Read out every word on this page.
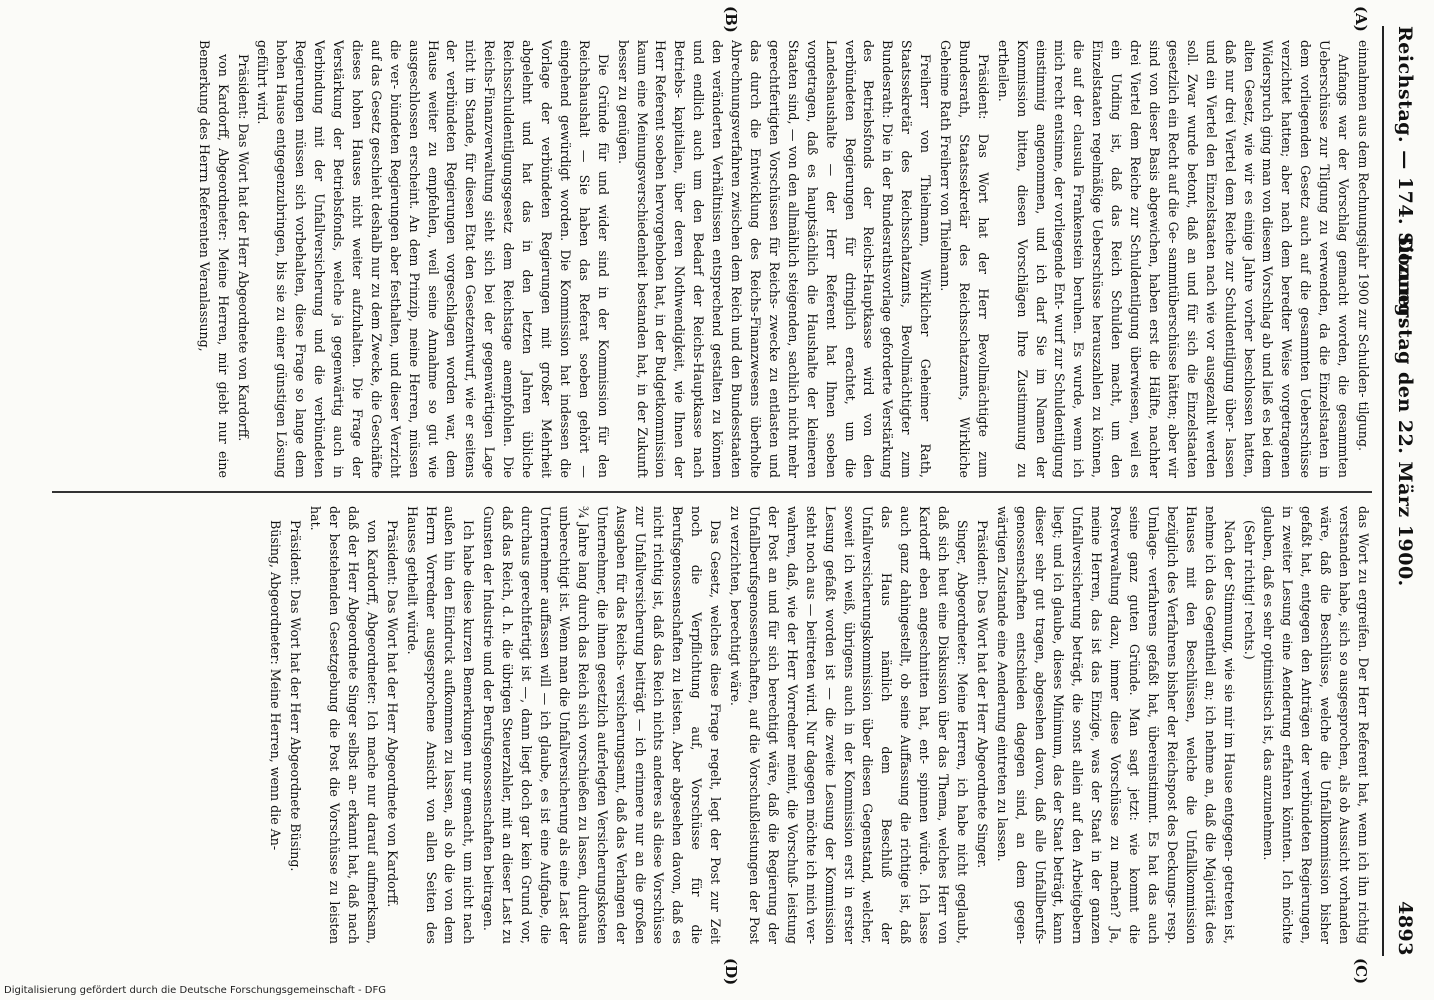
Reichstag. — 174. Sitzung.
Donnerstag den 22. März 1900.
4893
(A)
(B)
(C)
(D)

einnahmen aus dem Rechnungsjahr 1900 zur Schulden- tilgung.

Anfangs war der Vorschlag gemacht worden, die gesammten Ueberschüsse zur Tilgung zu verwenden, da die Einzelstaaten in dem vorliegenden Gesetz auch auf die gesammten Ueberschüsse verzichtet hatten; aber nach dem beredter Weise vorgetragenen Widerspruch ging man von diesem Vorschlag ab und ließ es bei dem alten Gesetz, wie wir es einige Jahre vorher beschlossen hatten, daß nur drei Viertel dem Reiche zur Schuldentilgung über- lassen und ein Viertel den Einzelstaaten nach wie vor ausgezahlt werden soll. Zwar wurde betont, daß an und für sich die Einzelstaaten gesetzlich ein Recht auf die Ge- sammtüberschüsse hätten; aber wir sind von dieser Basis abgewichen, haben erst die Hälfte, nachher drei Viertel dem Reiche zur Schuldentilgung überwiesen, weil es ein Unding ist, daß das Reich Schulden macht, um den Einzelstaaten regelmäßige Ueberschüsse herauszahlen zu können, die auf der clausula Frankenstein beruhen. Es wurde, wenn ich mich recht entsinne, der vorliegende Ent- wurf zur Schuldentilgung einstimmig angenommen, und ich darf Sie im Namen der Kommission bitten, diesen Vorschlägen Ihre Zustimmung zu ertheilen.

Präsident: Das Wort hat der Herr Bevollmächtigte zum Bundesrath, Staatssekretär des Reichsschatzamts, Wirkliche Geheime Rath Freiherr von Thielmann.

Freiherr von Thielmann, Wirklicher Geheimer Rath, Staatssekretär des Reichsschatzamts, Bevollmächtigter zum Bundesrath: Die in der Bundesrathsvorlage geforderte Verstärkung des Betriebsfonds der Reichs-Hauptkasse wird von den verbündeten Regierungen für dringlich erachtet, um die Landeshaushalte — der Herr Referent hat Ihnen soeben vorgetragen, daß es hauptsächlich die Haushalte der kleineren Staaten sind, — von den allmählich steigenden, sachlich nicht mehr gerechtfertigten Vorschüssen für Reichs- zwecke zu entlasten und das durch die Entwicklung des Reichs-Finanzwesens überholte Abrechnungsverfahren zwischen dem Reich und den Bundesstaaten den veränderten Verhältnissen entsprechend gestalten zu können und endlich auch um den Bedarf der Reichs-Hauptkasse nach Betriebs- kapitalien, über deren Nothwendigkeit, wie Ihnen der Herr Referent soeben hervorgehoben hat, in der Budgetkommission kaum eine Meinungsverschiedenheit bestanden hat, in der Zukunft besser zu genügen.

Die Gründe für und wider sind in der Kommission für den Reichshaushalt — Sie haben das Referat soeben gehört — eingehend gewürdigt worden. Die Kommission hat indessen die Vorlage der verbündeten Regierungen mit großer Mehrheit abgelehnt und hat das in den letzten Jahren übliche Reichsschuldentilgungsgesetz dem Reichstage anempfohlen. Die Reichs-Finanzverwaltung sieht sich bei der gegenwärtigen Lage nicht im Stande, für diesen Etat den Gesetzentwurf, wie er seitens der verbündeten Regierungen vorgeschlagen worden war, dem Hause weiter zu empfehlen, weil seine Annahme so gut wie ausgeschlossen erscheint. An dem Prinzip, meine Herren, müssen die ver- bündeten Regierungen aber festhalten, und dieser Verzicht auf das Gesetz geschieht deshalb nur zu dem Zwecke, die Geschäfte dieses hohen Hauses nicht weiter aufzuhalten. Die Frage der Verstärkung der Betriebsfonds, welche ja gegenwärtig auch in Verbindung mit der Unfallversicherung und die verbündeten Regierungen müssen sich vorbehalten, diese Frage so lange dem hohen Hause entgegenzubringen, bis sie zu einer günstigen Lösung geführt wird.

Präsident: Das Wort hat der Herr Abgeordnete von Kardorff.

von Kardorff, Abgeordneter: Meine Herren, mir giebt nur eine Bemerkung des Herrn Referenten Veranlassung,

das Wort zu ergreifen. Der Herr Referent hat, wenn ich ihn richtig verstanden habe, sich so ausgesprochen, als ob Aussicht vorhanden wäre, daß die Beschlüsse, welche die Unfallkommission bisher gefaßt hat, entgegen den Anträgen der verbündeten Regierungen, in zweiter Lesung eine Aenderung erfahren könnten. Ich möchte glauben, daß es sehr optimistisch ist, das anzunehmen.

(Sehr richtig! rechts.)

Nach der Stimmung, wie sie mir im Hause entgegen- getreten ist, nehme ich das Gegentheil an; ich nehme an, daß die Majorität des Hauses mit den Beschlüssen, welche die Unfallkommission bezüglich des Verfahrens bisher der Reichspost des Deckungs- resp. Umlage- verfahrens gefaßt hat, übereinstimmt. Es hat das auch seine ganz guten Gründe. Man sagt jetzt: wie kommt die Postverwaltung dazu, immer diese Vorschüsse zu machen? Ja, meine Herren, das ist das Einzige, was der Staat in der ganzen Unfallversicherung beträgt, die sonst allein auf den Arbeitgebern liegt; und ich glaube, dieses Minimum, das der Staat beträgt, kann dieser sehr gut tragen, abgesehen davon, daß alle Unfallberufs- genossenschaften entschieden dagegen sind, an dem gegen- wärtigen Zustande eine Aenderung eintreten zu lassen.

Präsident: Das Wort hat der Herr Abgeordnete Singer.

Singer, Abgeordneter: Meine Herren, ich habe nicht geglaubt, daß sich heut eine Diskussion über das Thema, welches Herr von Kardorff eben angeschnitten hat, ent- spinnen würde. Ich lasse auch ganz dahingestellt, ob seine Auffassung die richtige ist, daß das Haus nämlich dem Beschluß der Unfallversicherungskommission über diesen Gegenstand, welcher, soweit ich weiß, übrigens auch in der Kommission erst in erster Lesung gefaßt worden ist — die zweite Lesung der Kommission steht noch aus — beitreten wird. Nur dagegen möchte ich mich ver- wahren, daß, wie der Herr Vorredner meint, die Vorschuß- leistung der Post an und für sich berechtigt wäre, daß die Regierung der Unfallberufsgenossenschaften, auf die Vorschußleistungen der Post zu verzichten, berechtigt wäre.

Das Gesetz, welches diese Frage regelt, legt der Post zur Zeit noch die Verpflichtung auf, Vorschüsse für die Berufsgenossenschaften zu leisten. Aber abgesehen davon, daß es nicht richtig ist, daß das Reich nichts anderes als diese Vorschüsse zur Unfallversicherung beiträgt — ich erinnere nur an die großen Ausgaben für das Reichs- versicherungsamt, daß das Verlangen der Unternehmer, die ihnen gesetzlich auferlegten Versicherungskosten ¾ Jahre lang durch das Reich sich vorschießen zu lassen, durchaus unberechtigt ist. Wenn man die Unfallversicherung als eine Last der Unternehmer auffassen will — ich glaube, es ist eine Aufgabe, die durchaus gerechtfertigt ist —, dann liegt doch gar kein Grund vor, daß das Reich, d. h. die übrigen Steuerzahler, mit an dieser Last zu Gunsten der Industrie und der Berufsgenossenschaften beitragen.

Ich habe diese kurzen Bemerkungen nur gemacht, um nicht nach außen hin den Eindruck aufkommen zu lassen, als ob die von dem Herrn Vorredner ausgesprochene Ansicht von allen Seiten des Hauses getheilt würde.

Präsident: Das Wort hat der Herr Abgeordnete von Kardorff.

von Kardorff, Abgeordneter: Ich mache nur darauf aufmerksam, daß der Herr Abgeordnete Singer selbst an- erkannt hat, daß nach der bestehenden Gesetzgebung die Post die Vorschüsse zu leisten hat.

Präsident: Das Wort hat der Herr Abgeordnete Büsing.

Büsing, Abgeordneter: Meine Herren, wenn die An-

Digitalisierung gefördert durch die Deutsche Forschungsgemeinschaft - DFG
